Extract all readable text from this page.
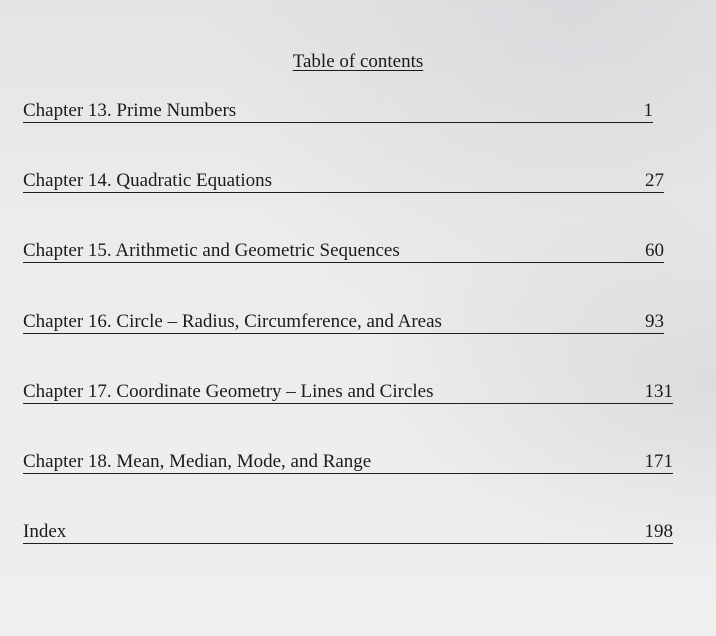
Table of contents
Chapter 13. Prime Numbers	1
Chapter 14. Quadratic Equations	27
Chapter 15. Arithmetic and Geometric Sequences	60
Chapter 16. Circle – Radius, Circumference, and Areas	93
Chapter 17. Coordinate Geometry – Lines and Circles	131
Chapter 18. Mean, Median, Mode, and Range	171
Index	198
